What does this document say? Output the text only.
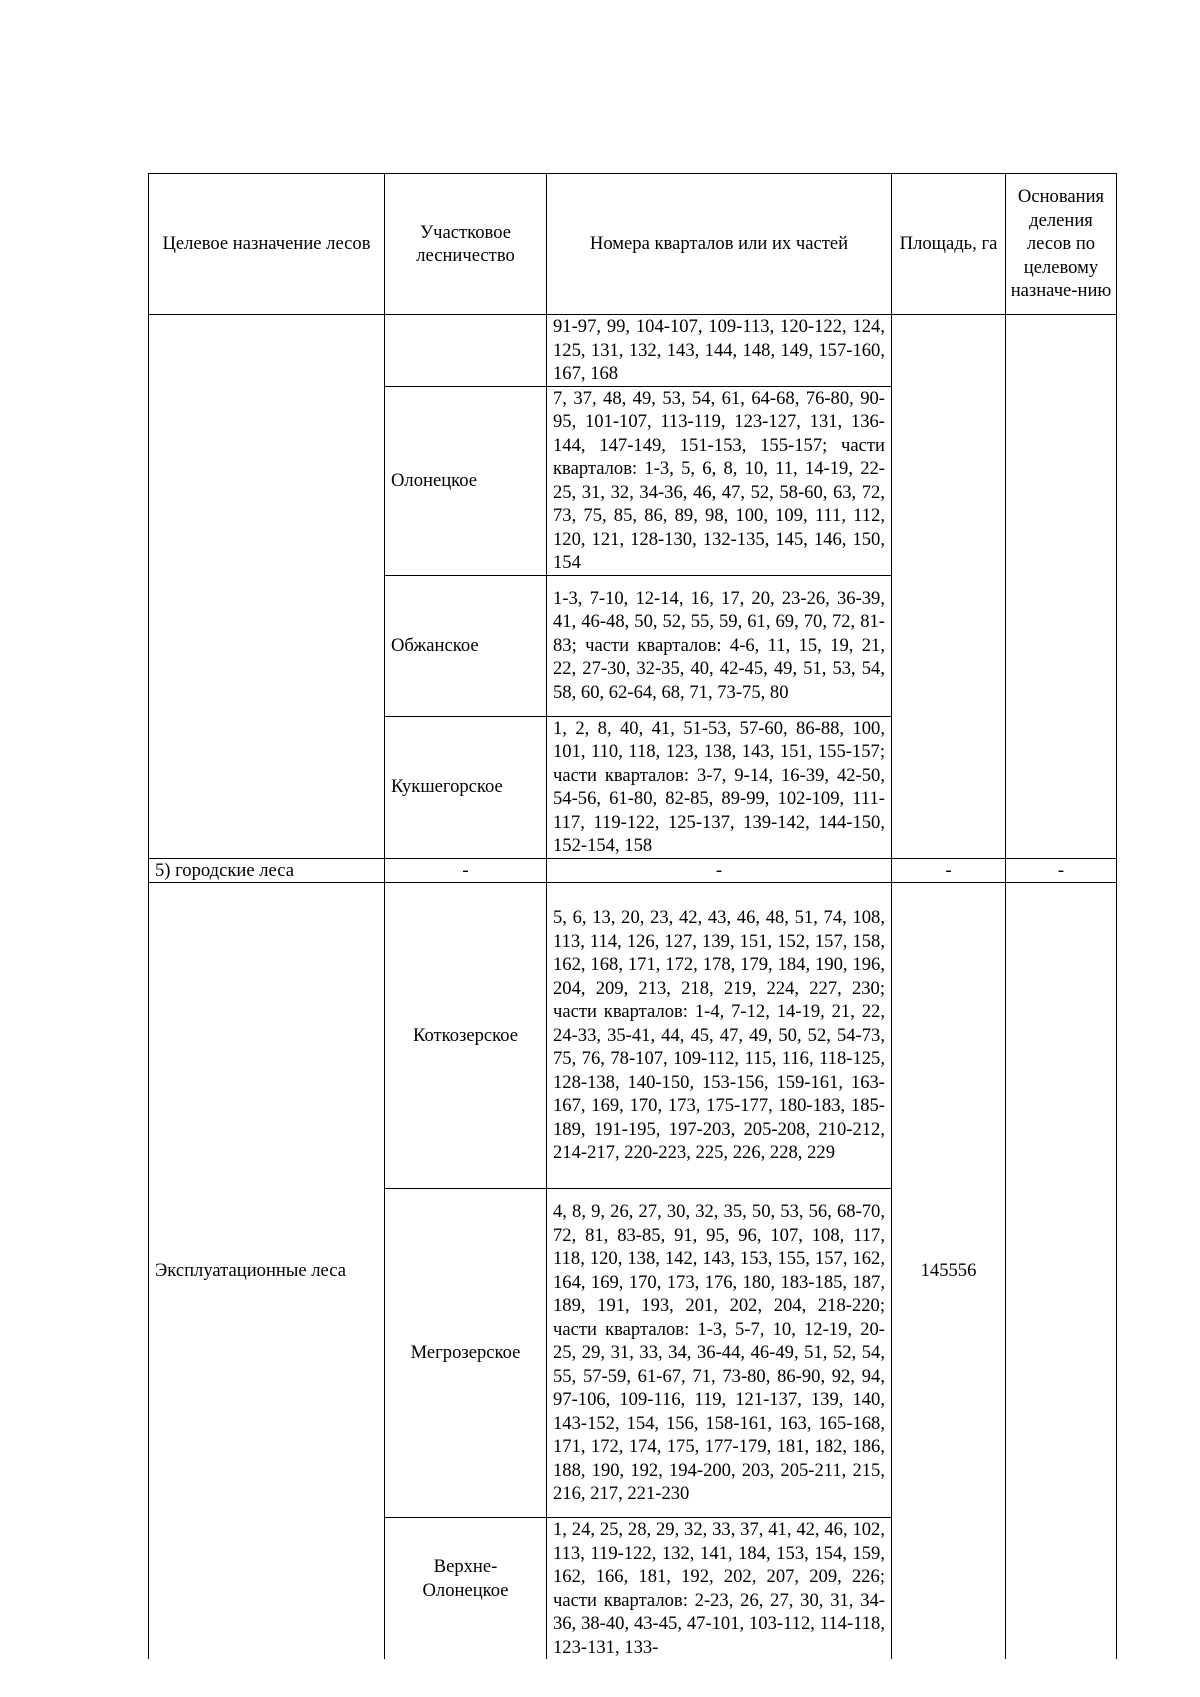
Целевое назначение лесов	Участковое лесничество	Номера кварталов или их частей	Площадь, га	Основания деления лесов по целевому назначе-нию
		91-97, 99, 104-107, 109-113, 120-122, 124, 125, 131, 132, 143, 144, 148, 149, 157-160, 167, 168		
	Олонецкое	7, 37, 48, 49, 53, 54, 61, 64-68, 76-80, 90-95, 101-107, 113-119, 123-127, 131, 136-144, 147-149, 151-153, 155-157; части кварталов: 1-3, 5, 6, 8, 10, 11, 14-19, 22-25, 31, 32, 34-36, 46, 47, 52, 58-60, 63, 72, 73, 75, 85, 86, 89, 98, 100, 109, 111, 112, 120, 121, 128-130, 132-135, 145, 146, 150, 154		
	Обжанское	1-3, 7-10, 12-14, 16, 17, 20, 23-26, 36-39, 41, 46-48, 50, 52, 55, 59, 61, 69, 70, 72, 81-83; части кварталов: 4-6, 11, 15, 19, 21, 22, 27-30, 32-35, 40, 42-45, 49, 51, 53, 54, 58, 60, 62-64, 68, 71, 73-75, 80		
	Кукшегорское	1, 2, 8, 40, 41, 51-53, 57-60, 86-88, 100, 101, 110, 118, 123, 138, 143, 151, 155-157; части кварталов: 3-7, 9-14, 16-39, 42-50, 54-56, 61-80, 82-85, 89-99, 102-109, 111-117, 119-122, 125-137, 139-142, 144-150, 152-154, 158		
5) городские леса	-	-	-	-
Эксплуатационные леса	Коткозерское	5, 6, 13, 20, 23, 42, 43, 46, 48, 51, 74, 108, 113, 114, 126, 127, 139, 151, 152, 157, 158, 162, 168, 171, 172, 178, 179, 184, 190, 196, 204, 209, 213, 218, 219, 224, 227, 230; части кварталов: 1-4, 7-12, 14-19, 21, 22, 24-33, 35-41, 44, 45, 47, 49, 50, 52, 54-73, 75, 76, 78-107, 109-112, 115, 116, 118-125, 128-138, 140-150, 153-156, 159-161, 163-167, 169, 170, 173, 175-177, 180-183, 185-189, 191-195, 197-203, 205-208, 210-212, 214-217, 220-223, 225, 226, 228, 229	145556	
	Мегрозерское	4, 8, 9, 26, 27, 30, 32, 35, 50, 53, 56, 68-70, 72, 81, 83-85, 91, 95, 96, 107, 108, 117, 118, 120, 138, 142, 143, 153, 155, 157, 162, 164, 169, 170, 173, 176, 180, 183-185, 187, 189, 191, 193, 201, 202, 204, 218-220; части кварталов: 1-3, 5-7, 10, 12-19, 20-25, 29, 31, 33, 34, 36-44, 46-49, 51, 52, 54, 55, 57-59, 61-67, 71, 73-80, 86-90, 92, 94, 97-106, 109-116, 119, 121-137, 139, 140, 143-152, 154, 156, 158-161, 163, 165-168, 171, 172, 174, 175, 177-179, 181, 182, 186, 188, 190, 192, 194-200, 203, 205-211, 215, 216, 217, 221-230		
	Верхне-Олонецкое	1, 24, 25, 28, 29, 32, 33, 37, 41, 42, 46, 102, 113, 119-122, 132, 141, 184, 153, 154, 159, 162, 166, 181, 192, 202, 207, 209, 226; части кварталов: 2-23, 26, 27, 30, 31, 34-36, 38-40, 43-45, 47-101, 103-112, 114-118, 123-131, 133-		
